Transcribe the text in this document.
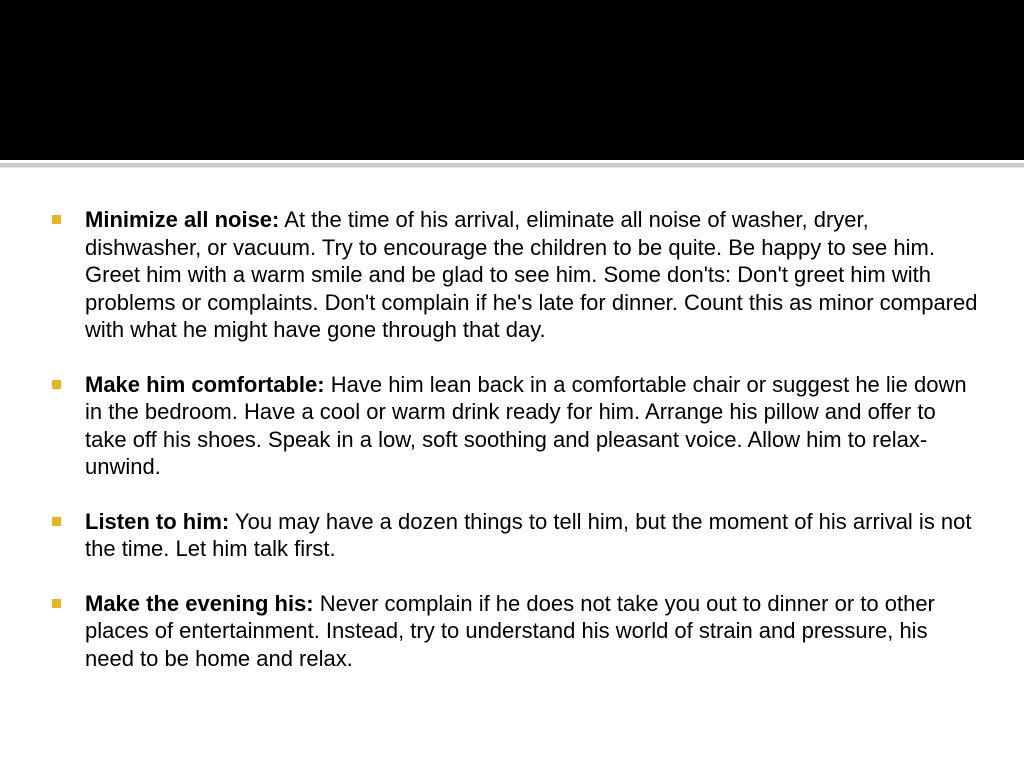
Minimize all noise: At the time of his arrival, eliminate all noise of washer, dryer, dishwasher, or vacuum. Try to encourage the children to be quite. Be happy to see him. Greet him with a warm smile and be glad to see him. Some don'ts: Don't greet him with problems or complaints. Don't complain if he's late for dinner. Count this as minor compared with what he might have gone through that day.
Make him comfortable: Have him lean back in a comfortable chair or suggest he lie down in the bedroom. Have a cool or warm drink ready for him. Arrange his pillow and offer to take off his shoes. Speak in a low, soft soothing and pleasant voice. Allow him to relax-unwind.
Listen to him: You may have a dozen things to tell him, but the moment of his arrival is not the time. Let him talk first.
Make the evening his: Never complain if he does not take you out to dinner or to other places of entertainment. Instead, try to understand his world of strain and pressure, his need to be home and relax.
